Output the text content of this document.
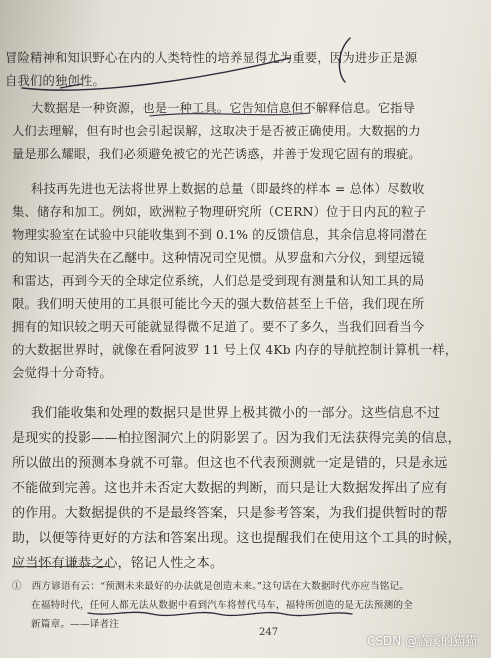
冒险精神和知识野心在内的人类特性的培养显得尤为重要，因为进步正是源

自我们的独创性。

大数据是一种资源，也是一种工具。它告知信息但不解释信息。它指导

人们去理解，但有时也会引起误解，这取决于是否被正确使用。大数据的力

量是那么耀眼，我们必须避免被它的光芒诱惑，并善于发现它固有的瑕疵。

科技再先进也无法将世界上数据的总量（即最终的样本 = 总体）尽数收

集、储存和加工。例如，欧洲粒子物理研究所（CERN）位于日内瓦的粒子

物理实验室在试验中只能收集到不到 0.1% 的反馈信息，其余信息将同潜在

的知识一起消失在乙醚中。这种情况司空见惯。从罗盘和六分仪，到望远镜

和雷达，再到今天的全球定位系统，人们总是受到现有测量和认知工具的局

限。我们明天使用的工具很可能比今天的强大数倍甚至上千倍，我们现在所

拥有的知识较之明天可能就显得微不足道了。要不了多久，当我们回看当今

的大数据世界时，就像在看阿波罗 11 号上仅 4Kb 内存的导航控制计算机一样，

会觉得十分奇特。

我们能收集和处理的数据只是世界上极其微小的一部分。这些信息不过

是现实的投影——柏拉图洞穴上的阴影罢了。因为我们无法获得完美的信息，

所以做出的预测本身就不可靠。但这也不代表预测就一定是错的，只是永远

不能做到完善。这也并未否定大数据的判断，而只是让大数据发挥出了应有

的作用。大数据提供的不是最终答案，只是参考答案，为我们提供暂时的帮

助，以便等待更好的方法和答案出现。这也提醒我们在使用这个工具的时候，

应当怀有谦恭之心，铭记人性之本。

①　西方谚语有云：“预测未来最好的办法就是创造未来。”这句话在大数据时代亦应当铭记。

在福特时代，任何人都无法从数据中看到汽车将替代马车，福特所创造的是无法预测的全

新篇章。——译者注

247
CSDN @盛溪的猫猫
